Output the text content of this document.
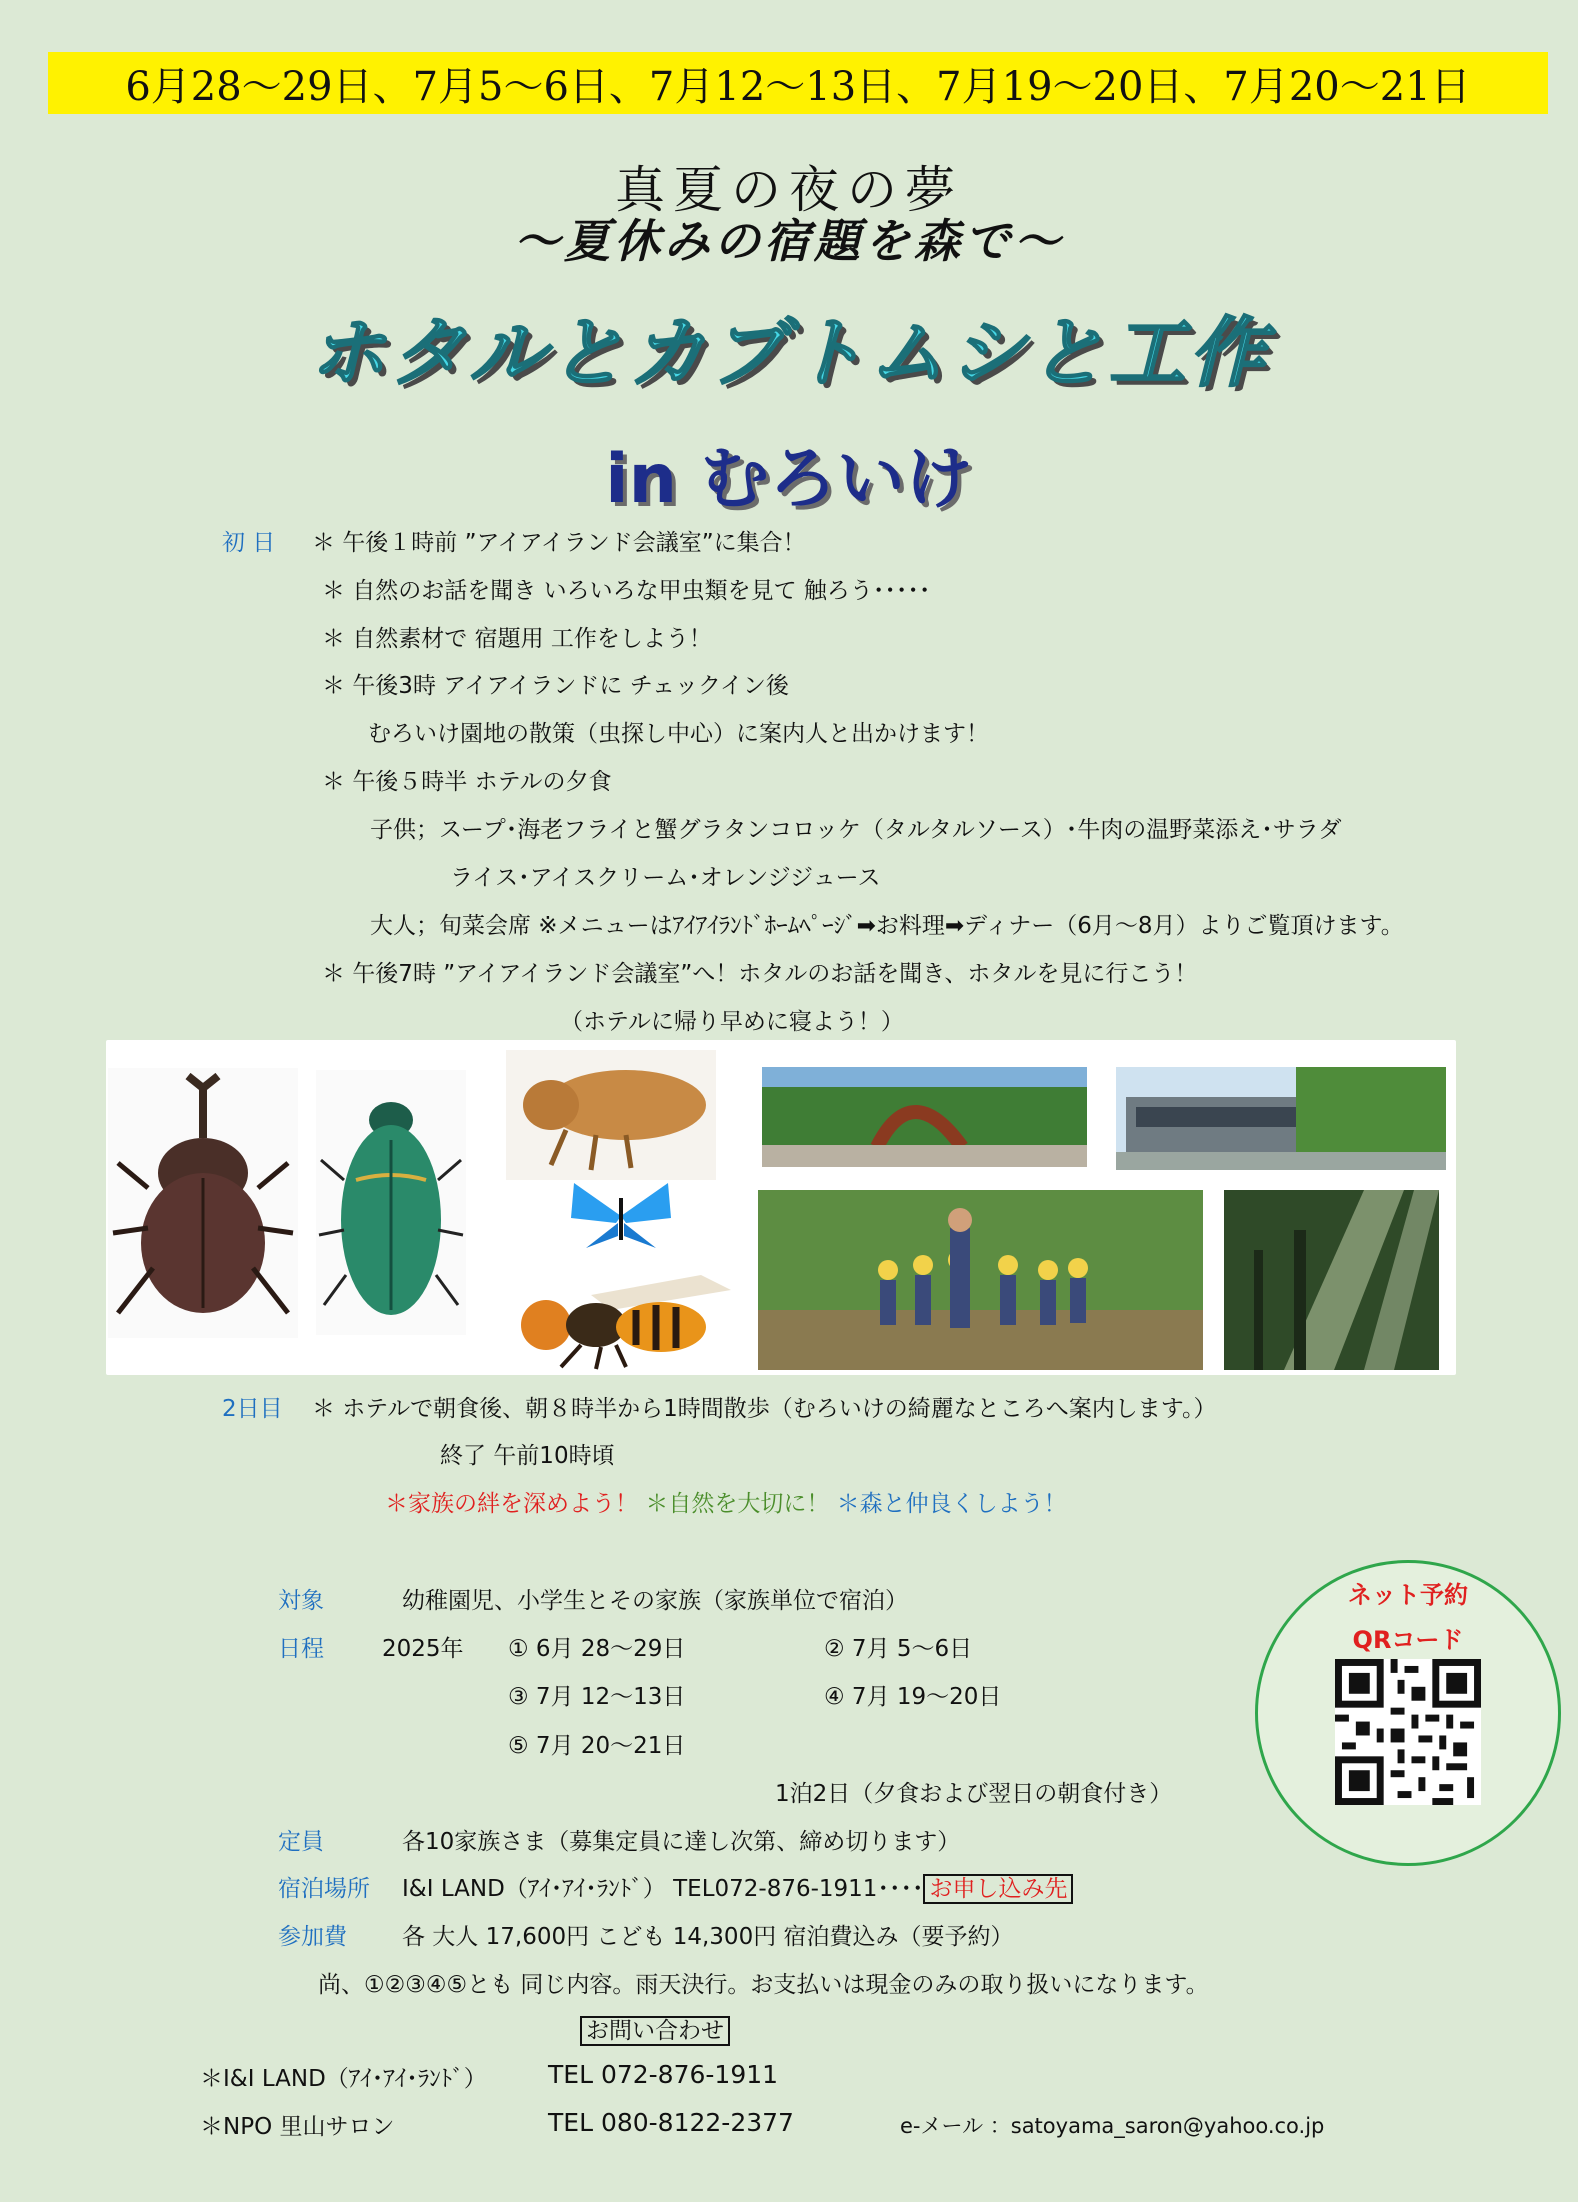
6月28～29日、7月5～6日、7月12～13日、7月19～20日、7月20～21日
真夏の夜の夢
～夏休みの宿題を森で～
ホタルとカブトムシと工作
in むろいけ
初 日 ＊ 午後１時前 ”アイアイランド会議室”に集合！
＊ 自然のお話を聞き いろいろな甲虫類を見て 触ろう･････
＊ 自然素材で 宿題用 工作をしよう！
＊ 午後3時 アイアイランドに チェックイン後
むろいけ園地の散策（虫探し中心）に案内人と出かけます！
＊ 午後５時半 ホテルの夕食
子供；スープ･海老フライと蟹グラタンコロッケ（タルタルソース）･牛肉の温野菜添え･サラダ
ライス･アイスクリーム･オレンジジュース
大人；旬菜会席 ※メニューはｱｲｱｲﾗﾝﾄﾞﾎｰﾑﾍﾟｰｼﾞ➡お料理➡ディナー（6月～8月）よりご覧頂けます。
＊ 午後7時 ”アイアイランド会議室”へ！ホタルのお話を聞き、ホタルを見に行こう！
（ホテルに帰り早めに寝よう！）
2日目 ＊ ホテルで朝食後、朝８時半から1時間散歩（むろいけの綺麗なところへ案内します。）
終了 午前10時頃
＊家族の絆を深めよう！ ＊自然を大切に！ ＊森と仲良くしよう！
対象	幼稚園児、小学生とその家族（家族単位で宿泊）
日程	2025年 ① 6月 28～29日	② 7月 5～6日
③ 7月 12～13日	④ 7月 19～20日
⑤ 7月 20～21日
1泊2日（夕食および翌日の朝食付き）
定員	各10家族さま（募集定員に達し次第、締め切ります）
宿泊場所 I&I LAND（ｱｲ･ｱｲ･ﾗﾝﾄﾞ） TEL072-876-1911････ お申し込み先
参加費 各 大人 17,600円 こども 14,300円 宿泊費込み（要予約）
尚、①②③④⑤とも 同じ内容。雨天決行。お支払いは現金のみの取り扱いになります。
お問い合わせ
＊I&I LAND（ｱｲ･ｱｲ･ﾗﾝﾄﾞ） TEL 072-876-1911
＊NPO 里山サロン	TEL 080-8122-2377	e-メール ：satoyama_saron@yahoo.co.jp
ネット予約
QRコード
